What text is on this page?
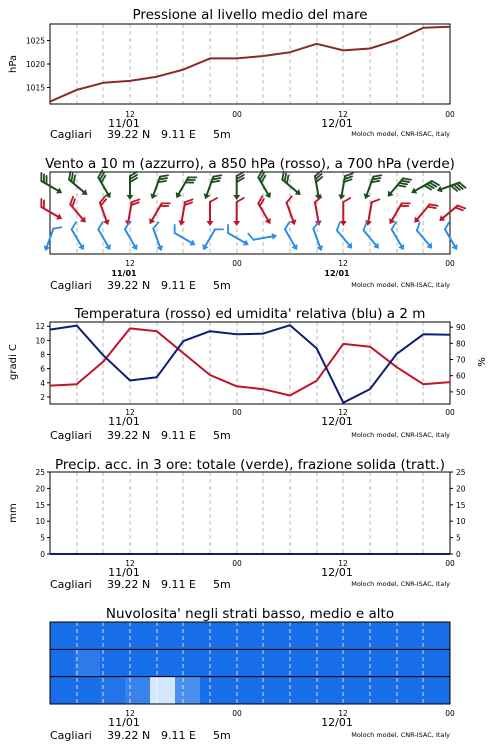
Pressione al livello medio del mare
hPa
1015
1020
1025
12	00	12	00
11/01	12/01
Cagliari 39.22 N 9.11 E 5m	Moloch model, CNR-ISAC, Italy
Vento a 10 m (azzurro), a 850 hPa (rosso), a 700 hPa (verde)
12	00	12	00
11/01	12/01
Cagliari 39.22 N 9.11 E 5m	Moloch model, CNR-ISAC, Italy
Temperatura (rosso) ed umidita' relativa (blu) a 2 m
gradi C	%
2
4
6
8
10
12
50
60
70
80
90
12	00	12	00
11/01	12/01
Cagliari 39.22 N 9.11 E 5m	Moloch model, CNR-ISAC, Italy
Precip. acc. in 3 ore: totale (verde), frazione solida (tratt.)
mm
0
5
10
15
20
25
0
5
10
15
20
25
12	00	12	00
11/01	12/01
Cagliari 39.22 N 9.11 E 5m	Moloch model, CNR-ISAC, Italy
Nuvolosita' negli strati basso, medio e alto
12	00	12	00
11/01	12/01
Cagliari 39.22 N 9.11 E 5m	Moloch model, CNR-ISAC, Italy
